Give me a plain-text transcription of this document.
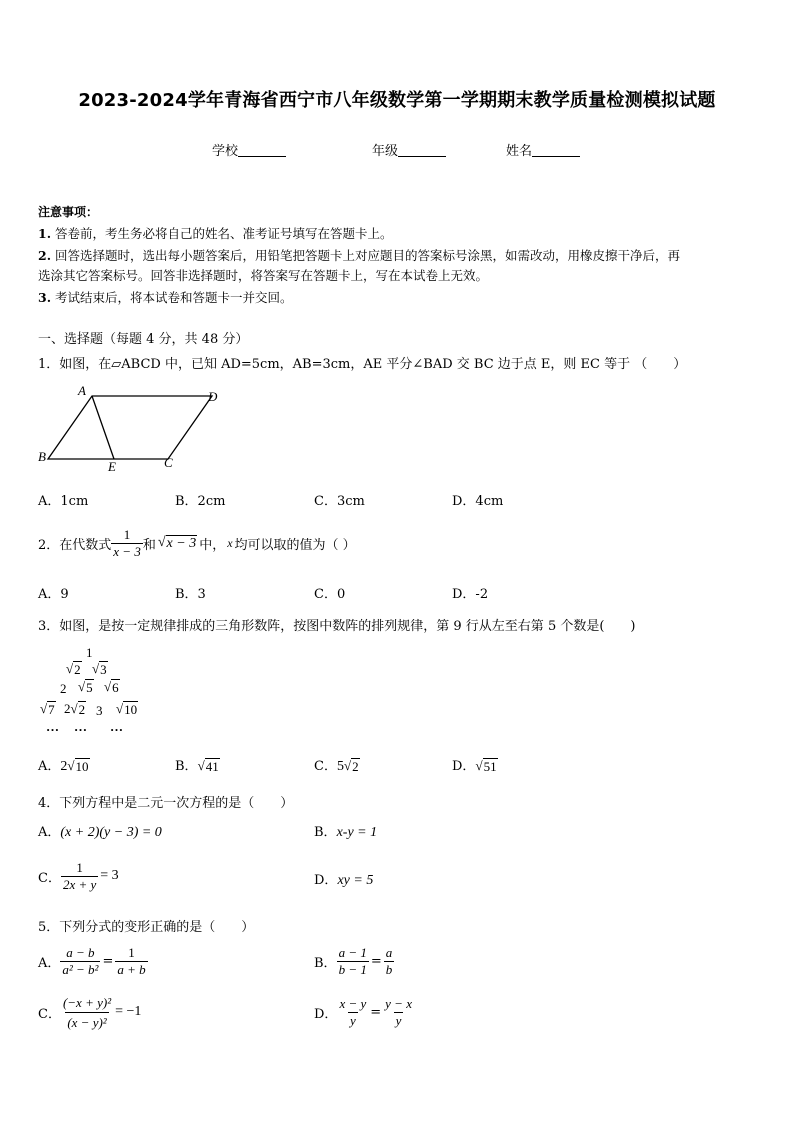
2023-2024学年青海省西宁市八年级数学第一学期期末教学质量检测模拟试题
学校	年级	姓名
注意事项：
1. 答卷前，考生务必将自己的姓名、准考证号填写在答题卡上。
2. 回答选择题时，选出每小题答案后，用铅笔把答题卡上对应题目的答案标号涂黑，如需改动，用橡皮擦干净后，再
选涂其它答案标号。回答非选择题时，将答案写在答题卡上，写在本试卷上无效。
3. 考试结束后，将本试卷和答题卡一并交回。
一、选择题（每题 4 分，共 48 分）
1．如图，在▱ABCD 中，已知 AD=5cm，AB=3cm，AE 平分∠BAD 交 BC 边于点 E，则 EC 等于 （　　）
A	D
B	C
E
A．1cm	B．2cm	C．3cm	D．4cm
2．在代数式 $\frac{1}{x - 3}$ 和 √ x − 3 中， x 均可以取的值为（ ）
A．9	B．3	C．0	D．-2
3．如图，是按一定规律排成的三角形数阵，按图中数阵的排列规律，第 9 行从左至右第 5 个数是(　　)
1
√ 2 √ 3
2 √ 5 √ 6
√ 7 2 √ 2 3 √ 10
… … …
A．2 √ 10	B． √ 41	C．5 √ 2	D． √ 51
4．下列方程中是二元一次方程的是（　　）
A．(x + 2)(y − 3) = 0	B．x-y = 1
C． $\frac{1}{2x + y} = 3$	D．xy = 5
5．下列分式的变形正确的是（　　）
A． $\frac{a - b}{\text{a² − b²}} = \frac{1}{a + b}$	B． $\frac{a - 1}{b - 1} = \frac{a}{b}$
C． $\frac{\text{(−x + y)²}}{\text{(x − y)²}} = -1$	D． $\frac{x - y}{y} = \frac{y - x}{y}$
